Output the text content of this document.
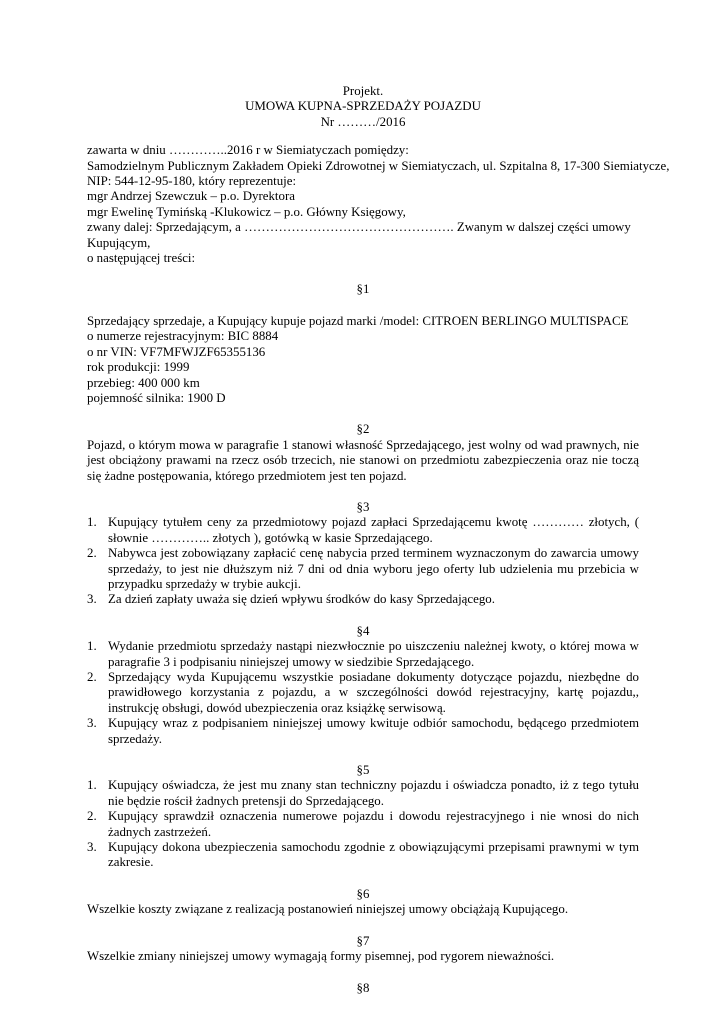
Projekt.
UMOWA KUPNA-SPRZEDAŻY POJAZDU
Nr ………/2016
zawarta w dniu …………..2016 r w Siemiatyczach pomiędzy:
Samodzielnym Publicznym Zakładem Opieki Zdrowotnej w Siemiatyczach, ul. Szpitalna 8, 17-300 Siemiatycze,
NIP: 544-12-95-180, który reprezentuje:
mgr Andrzej Szewczuk – p.o. Dyrektora
mgr Ewelinę Tymińską -Klukowicz – p.o. Główny Księgowy,
zwany dalej: Sprzedającym, a …………………………………………. Zwanym w dalszej części umowy
Kupującym,
o następującej treści:
§1
Sprzedający sprzedaje, a Kupujący kupuje pojazd marki /model: CITROEN BERLINGO MULTISPACE
o numerze rejestracyjnym: BIC 8884
o nr VIN: VF7MFWJZF65355136
rok produkcji: 1999
przebieg: 400 000 km
pojemność silnika: 1900 D
§2

Pojazd, o którym mowa w paragrafie 1 stanowi własność Sprzedającego, jest wolny od wad prawnych, nie jest obciążony prawami na rzecz osób trzecich, nie stanowi on przedmiotu zabezpieczenia oraz nie toczą się żadne postępowania, którego przedmiotem jest ten pojazd.

§3
1. Kupujący tytułem ceny za przedmiotowy pojazd zapłaci Sprzedającemu kwotę ………… złotych, ( słownie ………….. złotych ), gotówką w kasie Sprzedającego.
2. Nabywca jest zobowiązany zapłacić cenę nabycia przed terminem wyznaczonym do zawarcia umowy sprzedaży, to jest nie dłuższym niż 7 dni od dnia wyboru jego oferty lub udzielenia mu przebicia w przypadku sprzedaży w trybie aukcji.
3. Za dzień zapłaty uważa się dzień wpływu środków do kasy Sprzedającego.
§4
1. Wydanie przedmiotu sprzedaży nastąpi niezwłocznie po uiszczeniu należnej kwoty, o której mowa w paragrafie 3 i podpisaniu niniejszej umowy w siedzibie Sprzedającego.
2. Sprzedający wyda Kupującemu wszystkie posiadane dokumenty dotyczące pojazdu, niezbędne do prawidłowego korzystania z pojazdu, a w szczególności dowód rejestracyjny, kartę pojazdu,, instrukcję obsługi, dowód ubezpieczenia oraz książkę serwisową.
3. Kupujący wraz z podpisaniem niniejszej umowy kwituje odbiór samochodu, będącego przedmiotem sprzedaży.
§5
1. Kupujący oświadcza, że jest mu znany stan techniczny pojazdu i oświadcza ponadto, iż z tego tytułu nie będzie rościł żadnych pretensji do Sprzedającego.
2. Kupujący sprawdził oznaczenia numerowe pojazdu i dowodu rejestracyjnego i nie wnosi do nich żadnych zastrzeżeń.
3. Kupujący dokona ubezpieczenia samochodu zgodnie z obowiązującymi przepisami prawnymi w tym zakresie.
§6

Wszelkie koszty związane z realizacją postanowień niniejszej umowy obciążają Kupującego.

§7

Wszelkie zmiany niniejszej umowy wymagają formy pisemnej, pod rygorem nieważności.

§8
